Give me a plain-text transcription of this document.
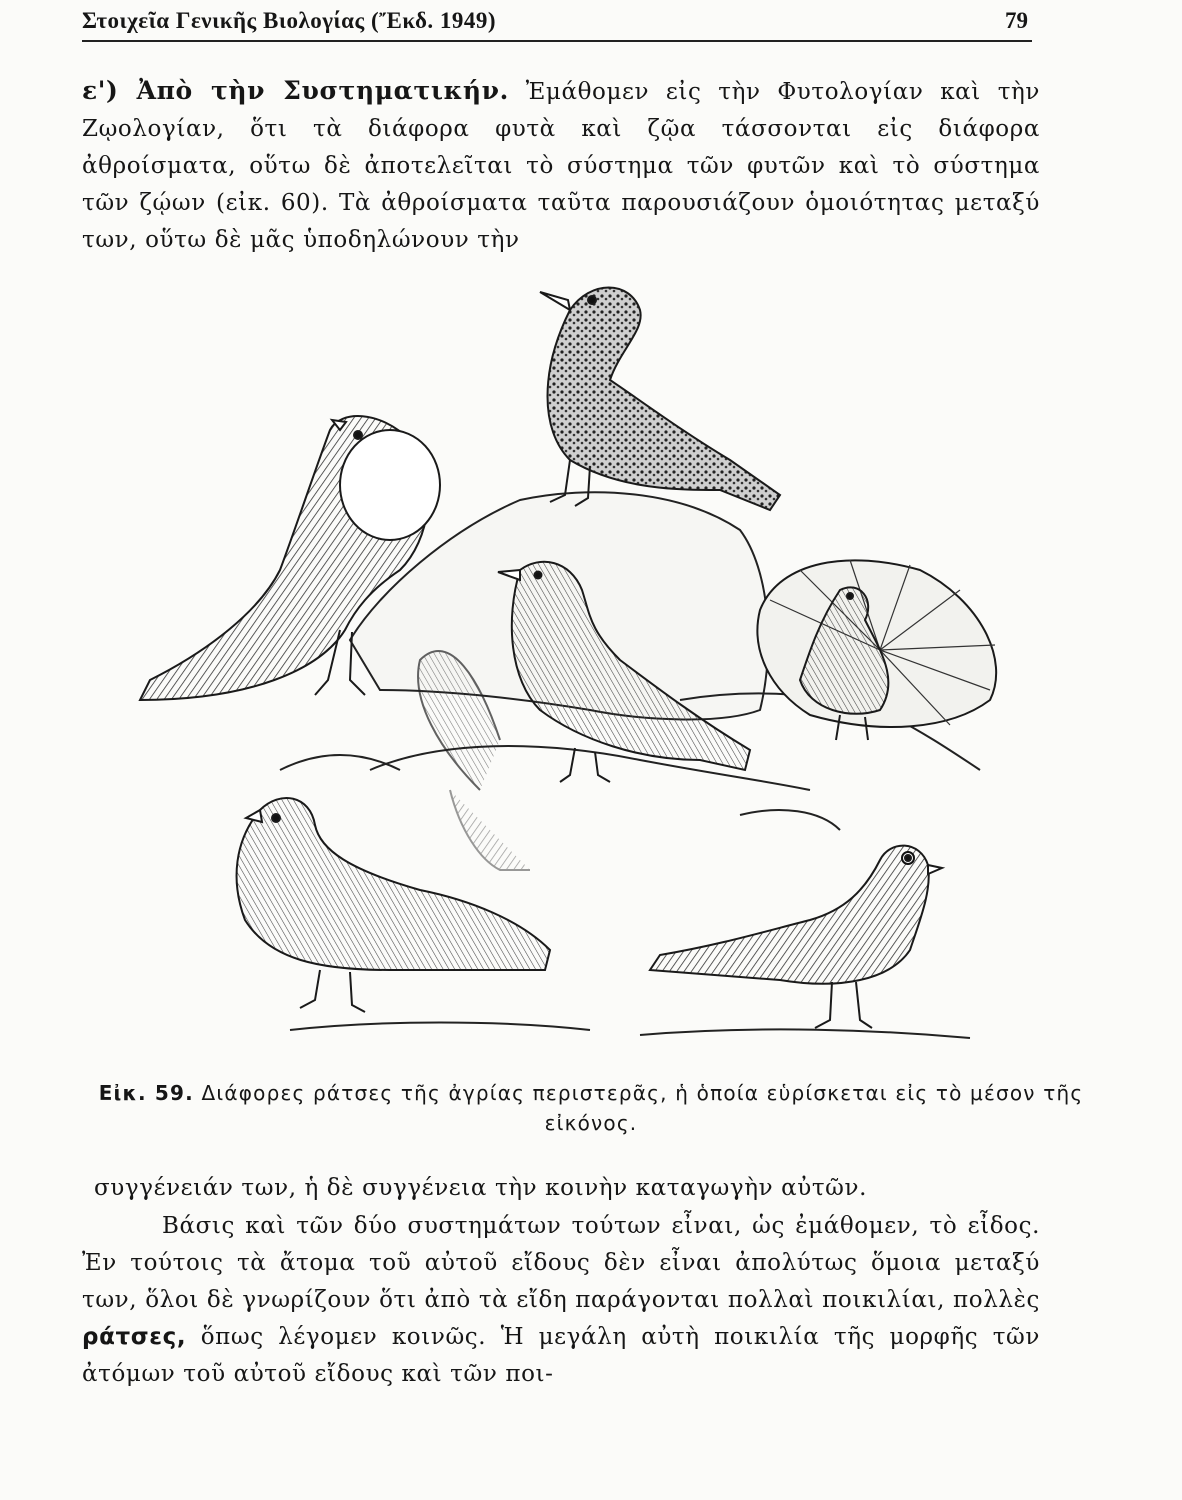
Στοιχεῖα Γενικῆς Βιολογίας (Ἔκδ. 1949)	79

ε') Ἀπὸ τὴν Συστηματικήν. Ἐμάθομεν εἰς τὴν Φυτολογίαν καὶ τὴν Ζῳολογίαν, ὅτι τὰ διάφορα φυτὰ καὶ ζῷα τάσσονται εἰς διάφορα ἀθροίσματα, οὕτω δὲ ἀποτελεῖται τὸ σύστημα τῶν φυτῶν καὶ τὸ σύστημα τῶν ζῴων (εἰκ. 60). Τὰ ἀθροίσματα ταῦτα παρουσιάζουν ὁμοιότητας μεταξύ των, οὕτω δὲ μᾶς ὑποδηλώνουν τὴν

Εἰκ. 59. Διάφορες ράτσες τῆς ἀγρίας περιστερᾶς, ἡ ὁποία εὑρίσκεται εἰς τὸ μέσον τῆς εἰκόνος.

συγγένειάν των, ἡ δὲ συγγένεια τὴν κοινὴν καταγωγὴν αὐτῶν.

Βάσις καὶ τῶν δύο συστημάτων τούτων εἶναι, ὡς ἐμάθομεν, τὸ εἶδος. Ἐν τούτοις τὰ ἄτομα τοῦ αὐτοῦ εἴδους δὲν εἶναι ἀπολύτως ὅμοια μεταξύ των, ὅλοι δὲ γνωρίζουν ὅτι ἀπὸ τὰ εἴδη παράγονται πολλαὶ ποικιλίαι, πολλὲς ράτσες, ὅπως λέγομεν κοινῶς. Ἡ μεγάλη αὐτὴ ποικιλία τῆς μορφῆς τῶν ἀτόμων τοῦ αὐτοῦ εἴδους καὶ τῶν ποι-
